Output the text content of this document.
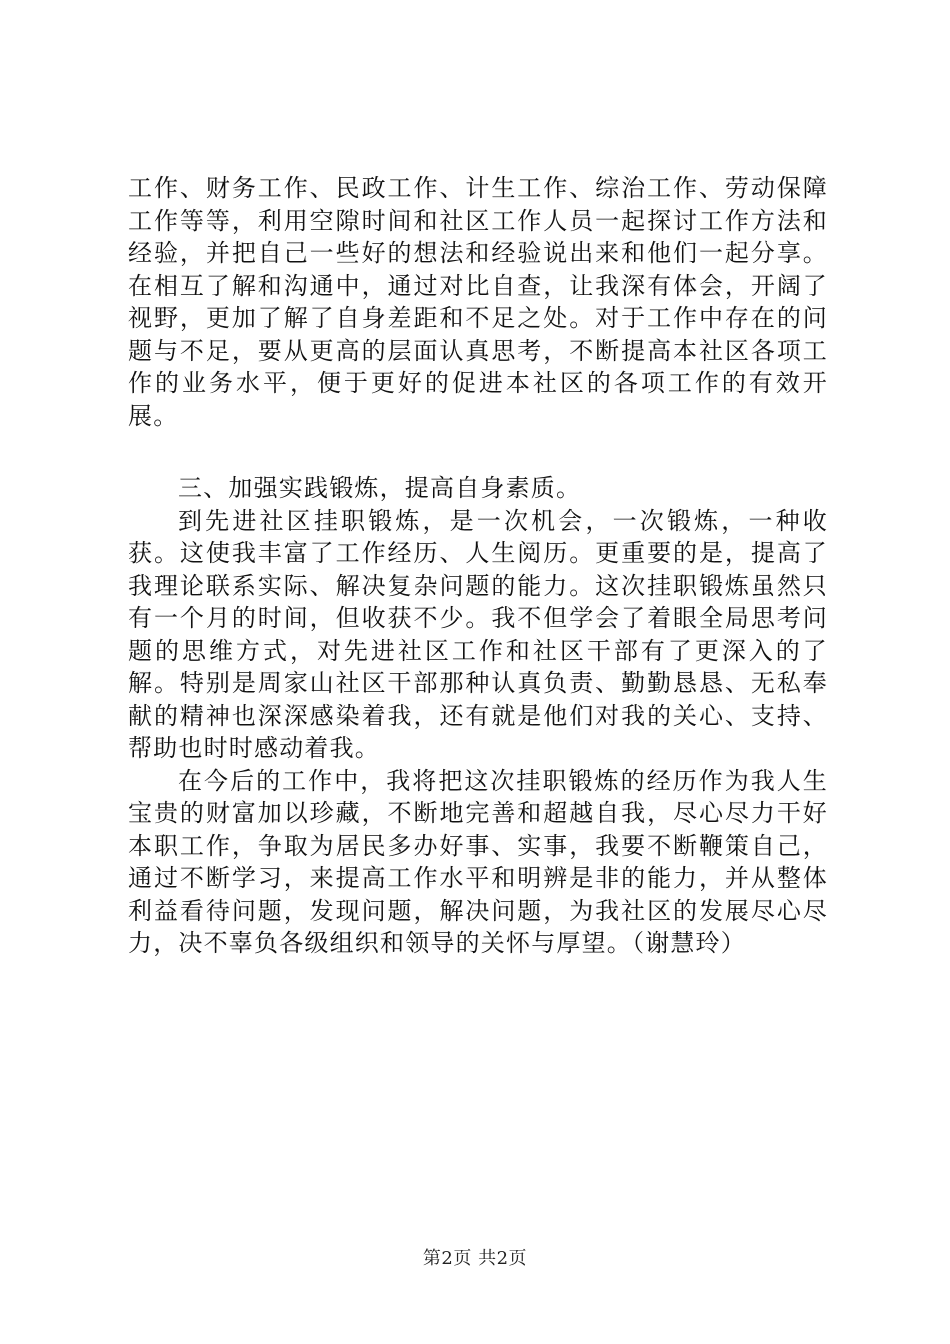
工作、财务工作、民政工作、计生工作、综治工作、劳动保障工作等等，利用空隙时间和社区工作人员一起探讨工作方法和经验，并把自己一些好的想法和经验说出来和他们一起分享。在相互了解和沟通中，通过对比自查，让我深有体会，开阔了视野，更加了解了自身差距和不足之处。对于工作中存在的问题与不足，要从更高的层面认真思考，不断提高本社区各项工作的业务水平，便于更好的促进本社区的各项工作的有效开展。

三、加强实践锻炼，提高自身素质。

到先进社区挂职锻炼，是一次机会，一次锻炼，一种收获。这使我丰富了工作经历、人生阅历。更重要的是，提高了我理论联系实际、解决复杂问题的能力。这次挂职锻炼虽然只有一个月的时间，但收获不少。我不但学会了着眼全局思考问题的思维方式，对先进社区工作和社区干部有了更深入的了解。特别是周家山社区干部那种认真负责、勤勤恳恳、无私奉献的精神也深深感染着我，还有就是他们对我的关心、支持、帮助也时时感动着我。

在今后的工作中，我将把这次挂职锻炼的经历作为我人生宝贵的财富加以珍藏，不断地完善和超越自我，尽心尽力干好本职工作，争取为居民多办好事、实事，我要不断鞭策自己，通过不断学习，来提高工作水平和明辨是非的能力，并从整体利益看待问题，发现问题，解决问题，为我社区的发展尽心尽力，决不辜负各级组织和领导的关怀与厚望。（谢慧玲）

第2页 共2页
